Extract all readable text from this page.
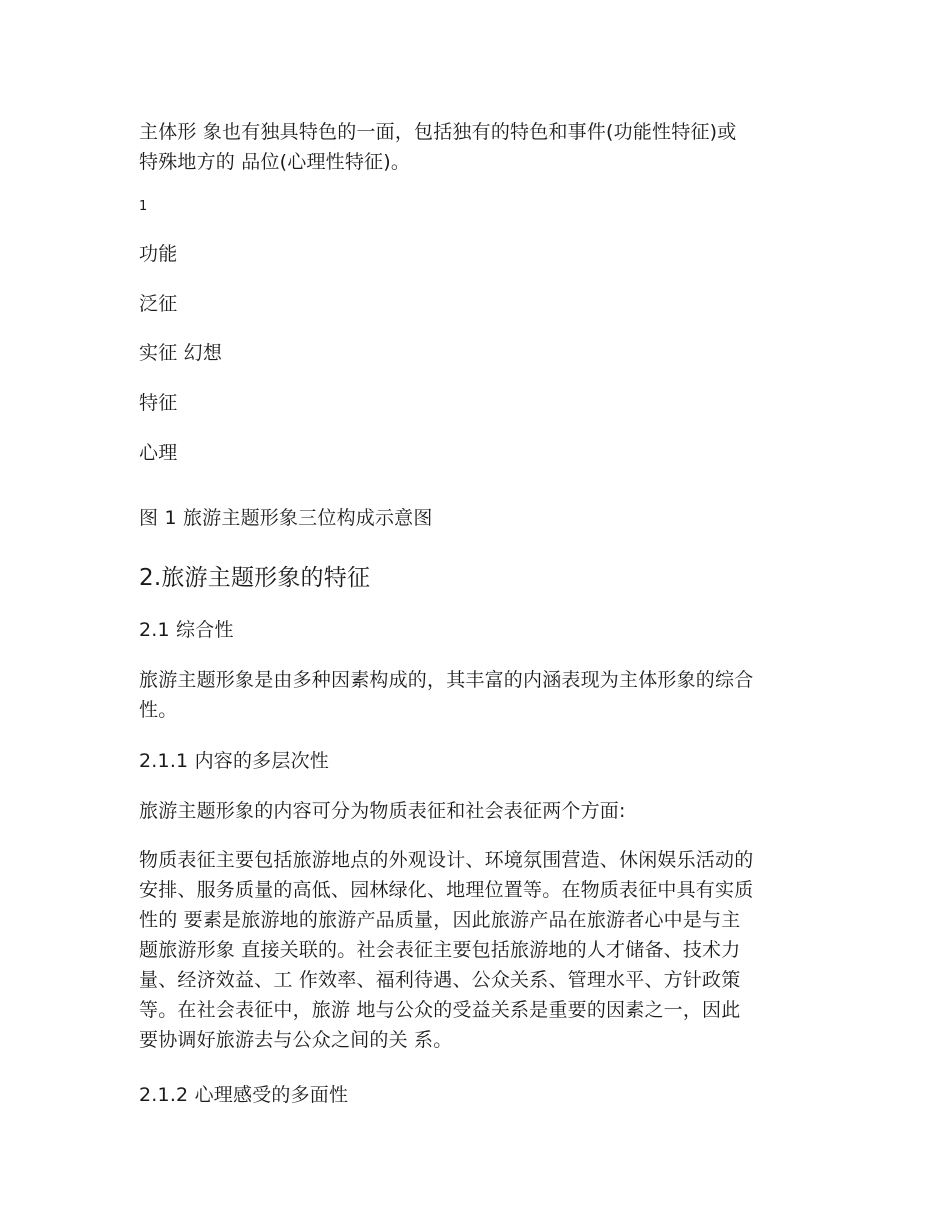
主体形 象也有独具特色的一面，包括独有的特色和事件(功能性特征)或
特殊地方的 品位(心理性特征)。
1
功能
泛征
实征 幻想
特征
心理
图 1 旅游主题形象三位构成示意图
2.旅游主题形象的特征
2.1 综合性
旅游主题形象是由多种因素构成的，其丰富的内涵表现为主体形象的综合
性。
2.1.1 内容的多层次性
旅游主题形象的内容可分为物质表征和社会表征两个方面:
物质表征主要包括旅游地点的外观设计、环境氛围营造、休闲娱乐活动的
安排、服务质量的高低、园林绿化、地理位置等。在物质表征中具有实质
性的 要素是旅游地的旅游产品质量，因此旅游产品在旅游者心中是与主
题旅游形象 直接关联的。社会表征主要包括旅游地的人才储备、技术力
量、经济效益、工 作效率、福利待遇、公众关系、管理水平、方针政策
等。在社会表征中，旅游 地与公众的受益关系是重要的因素之一，因此
要协调好旅游去与公众之间的关 系。
2.1.2 心理感受的多面性
